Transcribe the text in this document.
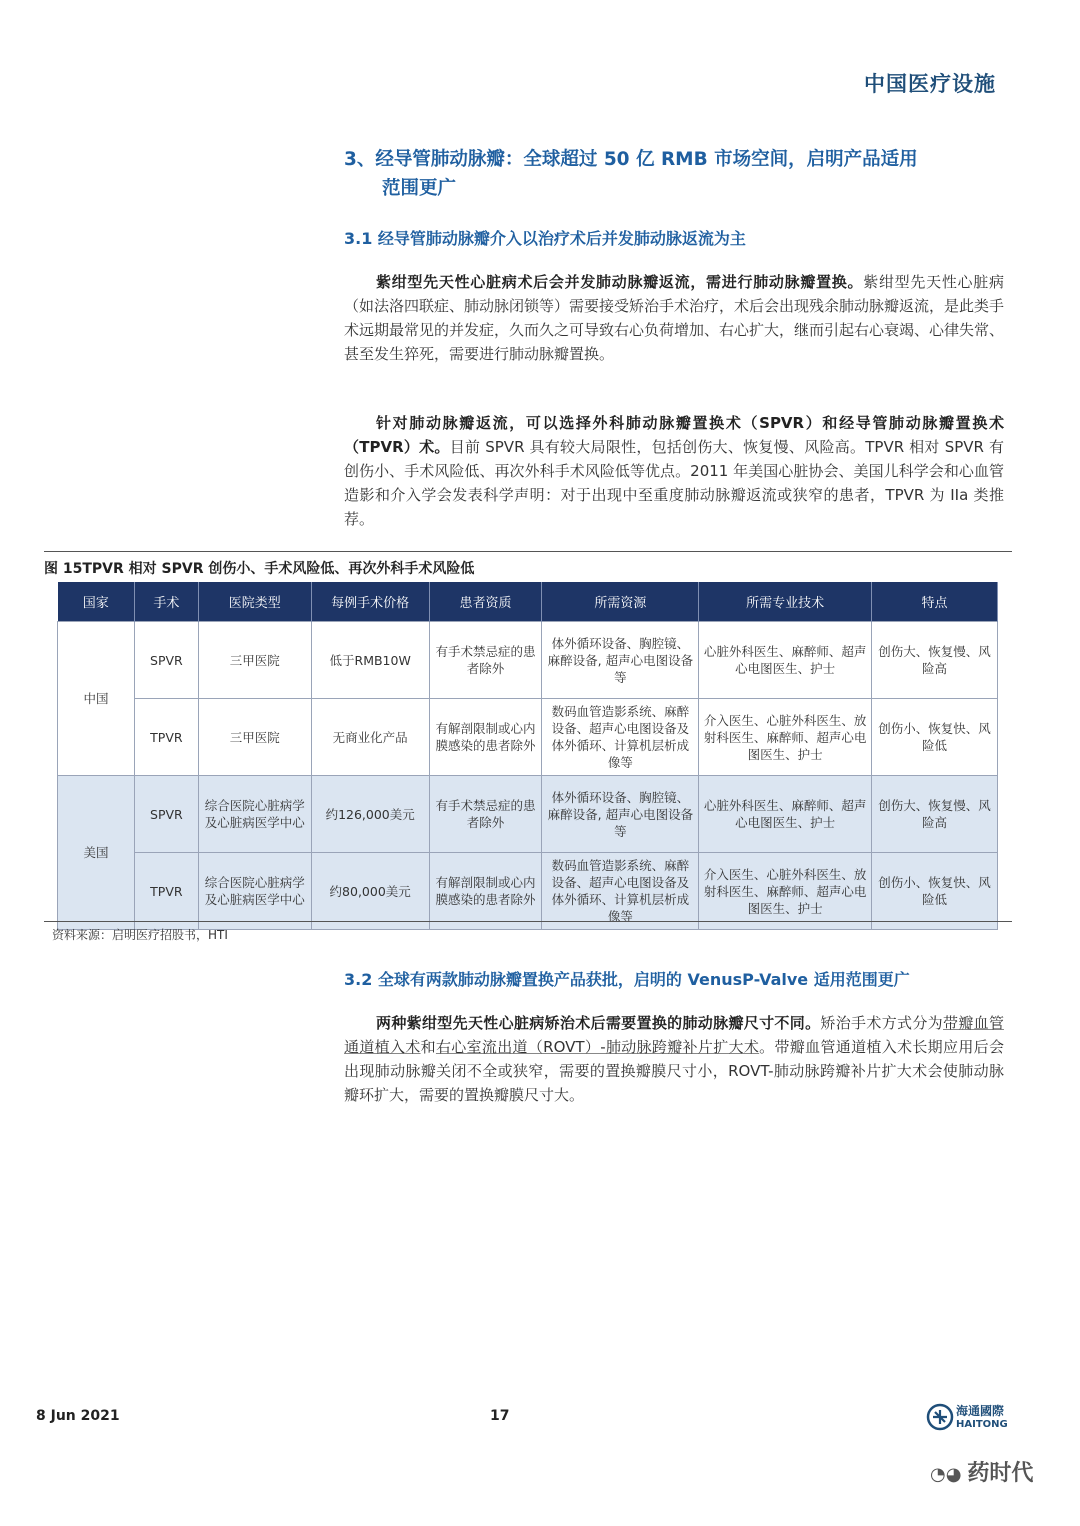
中国医疗设施
3、经导管肺动脉瓣：全球超过 50 亿 RMB 市场空间，启明产品适用
范围更广
3.1 经导管肺动脉瓣介入以治疗术后并发肺动脉返流为主
紫绀型先天性心脏病术后会并发肺动脉瓣返流，需进行肺动脉瓣置换。紫绀型先天性心脏病（如法洛四联症、肺动脉闭锁等）需要接受矫治手术治疗，术后会出现残余肺动脉瓣返流，是此类手术远期最常见的并发症，久而久之可导致右心负荷增加、右心扩大，继而引起右心衰竭、心律失常、甚至发生猝死，需要进行肺动脉瓣置换。
针对肺动脉瓣返流，可以选择外科肺动脉瓣置换术（SPVR）和经导管肺动脉瓣置换术（TPVR）术。目前 SPVR 具有较大局限性，包括创伤大、恢复慢、风险高。TPVR 相对 SPVR 有创伤小、手术风险低、再次外科手术风险低等优点。2011 年美国心脏协会、美国儿科学会和心血管造影和介入学会发表科学声明：对于出现中至重度肺动脉瓣返流或狭窄的患者，TPVR 为 IIa 类推荐。
图 15TPVR 相对 SPVR 创伤小、手术风险低、再次外科手术风险低
国家	手术	医院类型	每例手术价格	患者资质	所需资源	所需专业技术	特点
中国	SPVR	三甲医院	低于RMB10W	有手术禁忌症的患者除外	体外循环设备、胸腔镜、麻醉设备, 超声心电图设备等	心脏外科医生、麻醉师、超声心电图医生、护士	创伤大、恢复慢、风险高
	TPVR	三甲医院	无商业化产品	有解剖限制或心内膜感染的患者除外	数码血管造影系统、麻醉设备、超声心电图设备及体外循环、计算机层析成像等	介入医生、心脏外科医生、放射科医生、麻醉师、超声心电图医生、护士	创伤小、恢复快、风险低
美国	SPVR	综合医院心脏病学及心脏病医学中心	约126,000美元	有手术禁忌症的患者除外	体外循环设备、胸腔镜、麻醉设备, 超声心电图设备等	心脏外科医生、麻醉师、超声心电图医生、护士	创伤大、恢复慢、风险高
	TPVR	综合医院心脏病学及心脏病医学中心	约80,000美元	有解剖限制或心内膜感染的患者除外	数码血管造影系统、麻醉设备、超声心电图设备及体外循环、计算机层析成像等	介入医生、心脏外科医生、放射科医生、麻醉师、超声心电图医生、护士	创伤小、恢复快、风险低
资料来源：启明医疗招股书，HTI
3.2 全球有两款肺动脉瓣置换产品获批，启明的 VenusP-Valve 适用范围更广
两种紫绀型先天性心脏病矫治术后需要置换的肺动脉瓣尺寸不同。矫治手术方式分为带瓣血管通道植入术和右心室流出道（ROVT）-肺动脉跨瓣补片扩大术。带瓣血管通道植入术长期应用后会出现肺动脉瓣关闭不全或狭窄，需要的置换瓣膜尺寸小，ROVT-肺动脉跨瓣补片扩大术会使肺动脉瓣环扩大，需要的置换瓣膜尺寸大。
8 Jun 2021	17	海通國際
HAITONG
◔◕ 药时代
